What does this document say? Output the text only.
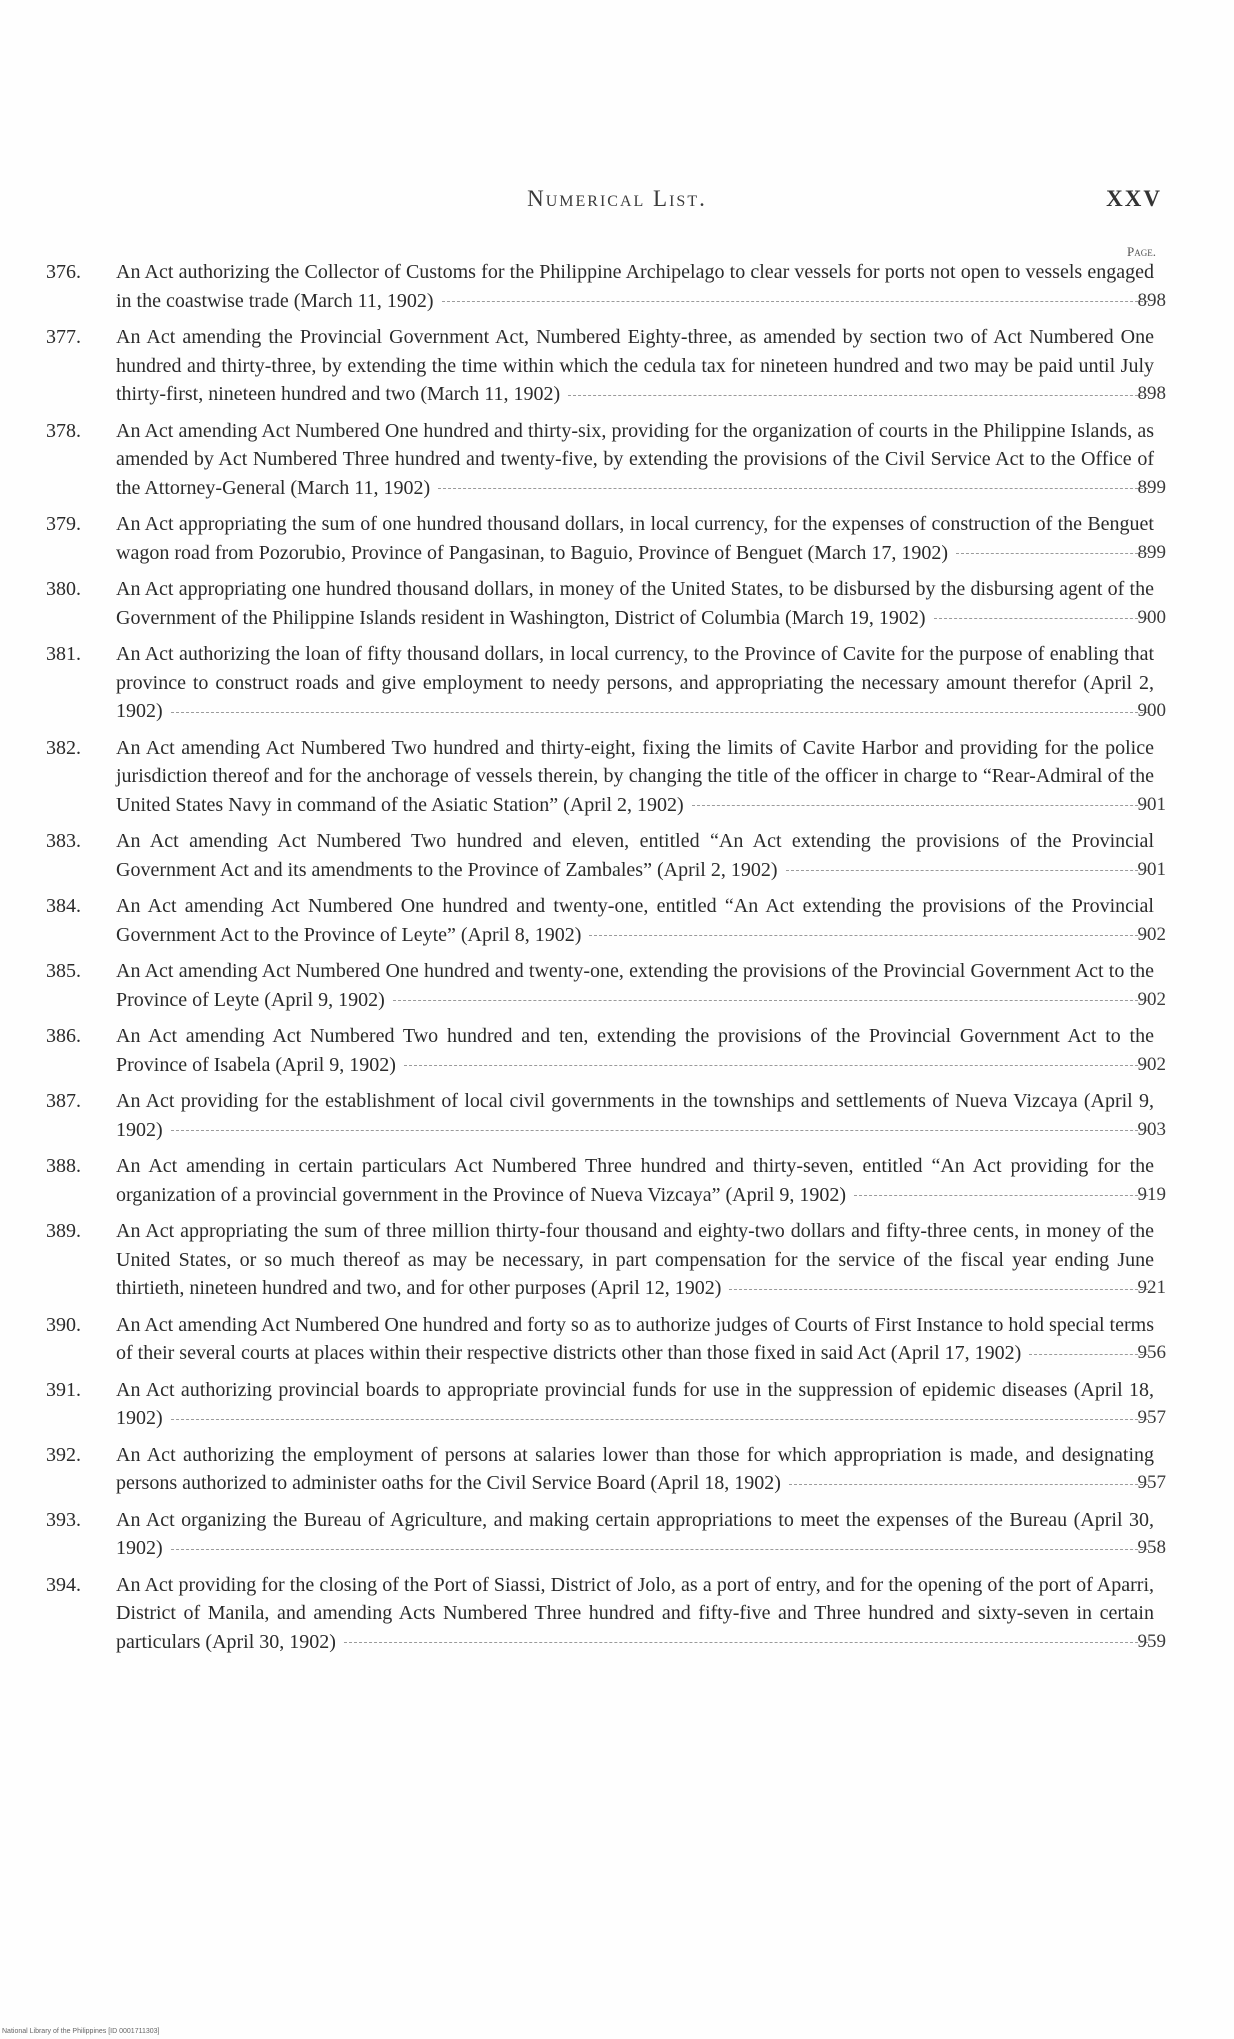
Numerical List.	XXV
Page.
376.	An Act authorizing the Collector of Customs for the Philippine Archipelago to clear vessels for ports not open to vessels engaged in the coastwise trade (March 11, 1902)	898
377.	An Act amending the Provincial Government Act, Numbered Eighty-three, as amended by section two of Act Numbered One hundred and thirty-three, by extending the time within which the cedula tax for nineteen hundred and two may be paid until July thirty-first, nineteen hundred and two (March 11, 1902)	898
378.	An Act amending Act Numbered One hundred and thirty-six, providing for the organization of courts in the Philippine Islands, as amended by Act Numbered Three hundred and twenty-five, by extending the provisions of the Civil Service Act to the Office of the Attorney-General (March 11, 1902)	899
379.	An Act appropriating the sum of one hundred thousand dollars, in local currency, for the expenses of construction of the Benguet wagon road from Pozorubio, Province of Pangasinan, to Baguio, Province of Benguet (March 17, 1902)	899
380.	An Act appropriating one hundred thousand dollars, in money of the United States, to be disbursed by the disbursing agent of the Government of the Philippine Islands resident in Washington, District of Columbia (March 19, 1902)	900
381.	An Act authorizing the loan of fifty thousand dollars, in local currency, to the Province of Cavite for the purpose of enabling that province to construct roads and give employment to needy persons, and appropriating the necessary amount therefor (April 2, 1902)	900
382.	An Act amending Act Numbered Two hundred and thirty-eight, fixing the limits of Cavite Harbor and providing for the police jurisdiction thereof and for the anchorage of vessels therein, by changing the title of the officer in charge to “Rear-Admiral of the United States Navy in command of the Asiatic Station” (April 2, 1902)	901
383.	An Act amending Act Numbered Two hundred and eleven, entitled “An Act extending the provisions of the Provincial Government Act and its amendments to the Province of Zambales” (April 2, 1902)	901
384.	An Act amending Act Numbered One hundred and twenty-one, entitled “An Act extending the provisions of the Provincial Government Act to the Province of Leyte” (April 8, 1902)	902
385.	An Act amending Act Numbered One hundred and twenty-one, extending the provisions of the Provincial Government Act to the Province of Leyte (April 9, 1902)	902
386.	An Act amending Act Numbered Two hundred and ten, extending the provisions of the Provincial Government Act to the Province of Isabela (April 9, 1902)	902
387.	An Act providing for the establishment of local civil governments in the townships and settlements of Nueva Vizcaya (April 9, 1902)	903
388.	An Act amending in certain particulars Act Numbered Three hundred and thirty-seven, entitled “An Act providing for the organization of a provincial government in the Province of Nueva Vizcaya” (April 9, 1902)	919
389.	An Act appropriating the sum of three million thirty-four thousand and eighty-two dollars and fifty-three cents, in money of the United States, or so much thereof as may be necessary, in part compensation for the service of the fiscal year ending June thirtieth, nineteen hundred and two, and for other purposes (April 12, 1902)	921
390.	An Act amending Act Numbered One hundred and forty so as to authorize judges of Courts of First Instance to hold special terms of their several courts at places within their respective districts other than those fixed in said Act (April 17, 1902)	956
391.	An Act authorizing provincial boards to appropriate provincial funds for use in the suppression of epidemic diseases (April 18, 1902)	957
392.	An Act authorizing the employment of persons at salaries lower than those for which appropriation is made, and designating persons authorized to administer oaths for the Civil Service Board (April 18, 1902)	957
393.	An Act organizing the Bureau of Agriculture, and making certain appropriations to meet the expenses of the Bureau (April 30, 1902)	958
394.	An Act providing for the closing of the Port of Siassi, District of Jolo, as a port of entry, and for the opening of the port of Aparri, District of Manila, and amending Acts Numbered Three hundred and fifty-five and Three hundred and sixty-seven in certain particulars (April 30, 1902)	959
National Library of the Philippines [ID 0001711303]
